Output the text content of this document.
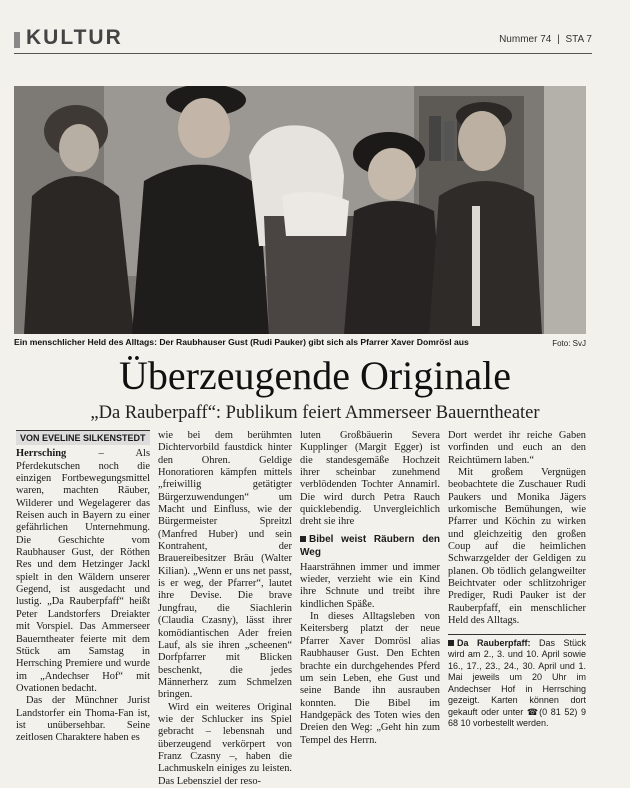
KULTUR	Nummer 74 | STA 7
Ein menschlicher Held des Alltags: Der Raubhauser Gust (Rudi Pauker) gibt sich als Pfarrer Xaver Domrösl aus	Foto: SvJ
Überzeugende Originale
„Da Rauberpaff“: Publikum feiert Ammerseer Bauerntheater
VON EVELINE SILKENSTEDT

Herrsching	– Als Pferdekutschen noch die einzigen Fortbewegungsmittel waren, machten Räuber, Wilderer und Wegelagerer das Reisen auch in Bayern zu einer gefährlichen Unternehmung. Die Geschichte vom Raubhauser Gust, der Röthen Res und dem Hetzinger Jackl spielt in den Wäldern unserer Gegend, ist ausgedacht und lustig. „Da Rauberpfaff“ heißt Peter Landstorfers Dreiakter mit Vorspiel. Das Ammerseer Bauerntheater feierte mit dem Stück am Samstag in Herrsching Premiere und wurde im „Andechser Hof“ mit Ovationen bedacht.

Das der Münchner Jurist Landstorfer ein Thoma-Fan ist, ist unübersehbar. Seine zeitlosen Charaktere haben es

wie bei dem berühmten Dichtervorbild faustdick hinter den Ohren. Geldige Honoratioren kämpfen mittels „freiwillig getätigter Bürgerzuwendungen“ um Macht und Einfluss, wie der Bürgermeister Spreitzl (Manfred Huber) und sein Kontrahent, der Brauereibesitzer Bräu (Walter Kilian). „Wenn er uns net passt, is er weg, der Pfarrer“, lautet ihre Devise. Die brave Jungfrau, die Siachlerin (Claudia Czasny), lässt ihrer komödiantischen Ader freien Lauf, als sie ihren „scheenen“ Dorfpfarrer mit Blicken beschenkt, die jedes Männerherz zum Schmelzen bringen.

Wird ein weiteres Original wie der Schlucker ins Spiel gebracht – lebensnah und überzeugend verkörpert von Franz Czasny –, haben die Lachmuskeln einiges zu leisten. Das Lebensziel der reso-

luten Großbäuerin Severa Kupplinger (Margit Egger) ist die standesgemäße Hochzeit ihrer scheinbar zunehmend verblödenden Tochter Annamirl. Die wird durch Petra Rauch quicklebendig. Unvergleichlich dreht sie ihre

Bibel weist Räubern den Weg

Haarsträhnen immer und immer wieder, verzieht wie ein Kind ihre Schnute und treibt ihre kindlichen Späße.

In dieses Alltagsleben von Keitersberg platzt der neue Pfarrer Xaver Domrösl alias Raubhauser Gust. Den Echten brachte ein durchgehendes Pferd um sein Leben, ehe Gust und seine Bande ihn ausrauben konnten. Die Bibel im Handgepäck des Toten wies den Dreien den Weg: „Geht hin zum Tempel des Herrn.

Dort werdet ihr reiche Gaben vorfinden und euch an den Reichtümern laben.“

Mit großem Vergnügen beobachtete die Zuschauer Rudi Paukers und Monika Jägers urkomische Bemühungen, wie Pfarrer und Köchin zu wirken und gleichzeitig den großen Coup auf die heimlichen Schwarzgelder der Geldigen zu planen. Ob tödlich gelangweilter Beichtvater oder schlitzohriger Prediger, Rudi Pauker ist der Rauberpfaff, ein menschlicher Held des Alltags.

Da Rauberpfaff: Das Stück wird am 2., 3. und 10. April sowie 16., 17., 23., 24., 30. April und 1. Mai jeweils um 20 Uhr im Andechser Hof in Herrsching gezeigt. Karten können dort gekauft oder unter ☎(0 81 52) 9 68 10 vorbestellt werden.
